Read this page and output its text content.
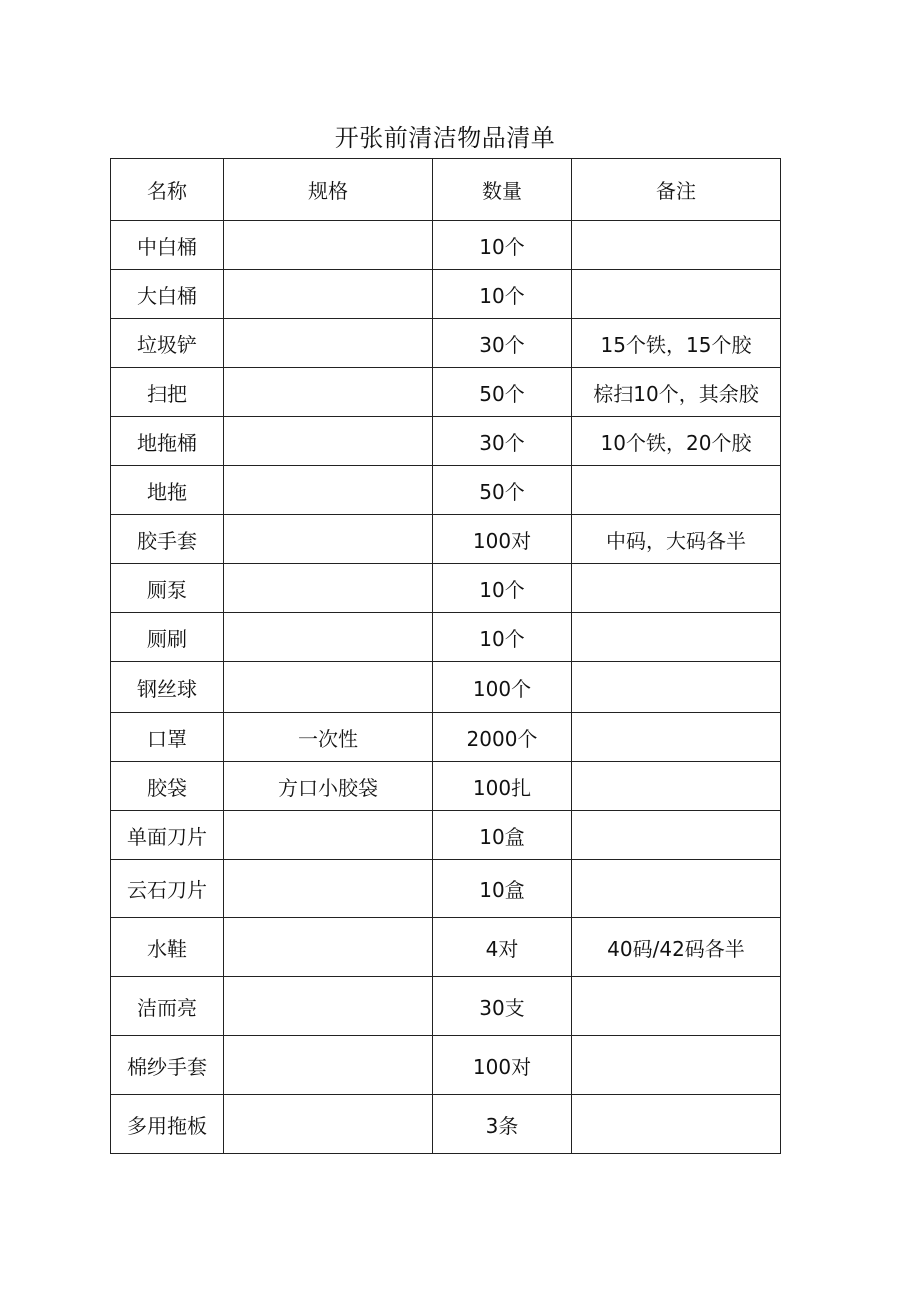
开张前清洁物品清单
名称	规格	数量	备注
中白桶		10个	
大白桶		10个	
垃圾铲		30个	15个铁，15个胶
扫把		50个	棕扫10个，其余胶
地拖桶		30个	10个铁，20个胶
地拖		50个	
胶手套		100对	中码，大码各半
厕泵		10个	
厕刷		10个	
钢丝球		100个	
口罩	一次性	2000个	
胶袋	方口小胶袋	100扎	
单面刀片		10盒	
云石刀片		10盒	
水鞋		4对	40码/42码各半
洁而亮		30支	
棉纱手套		100对	
多用拖板		3条	
